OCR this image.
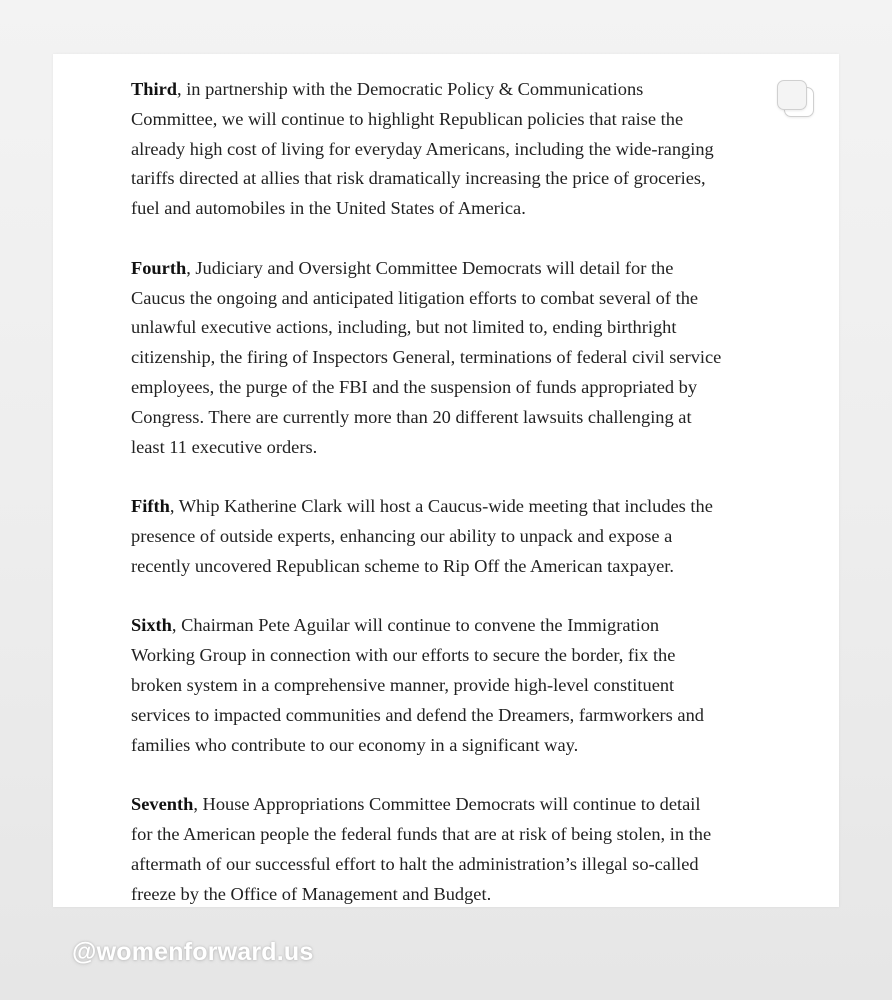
Third, in partnership with the Democratic Policy & Communications
Committee, we will continue to highlight Republican policies that raise the
already high cost of living for everyday Americans, including the wide-ranging
tariffs directed at allies that risk dramatically increasing the price of groceries,
fuel and automobiles in the United States of America.

Fourth, Judiciary and Oversight Committee Democrats will detail for the
Caucus the ongoing and anticipated litigation efforts to combat several of the
unlawful executive actions, including, but not limited to, ending birthright
citizenship, the firing of Inspectors General, terminations of federal civil service
employees, the purge of the FBI and the suspension of funds appropriated by
Congress. There are currently more than 20 different lawsuits challenging at
least 11 executive orders.

Fifth, Whip Katherine Clark will host a Caucus-wide meeting that includes the
presence of outside experts, enhancing our ability to unpack and expose a
recently uncovered Republican scheme to Rip Off the American taxpayer.

Sixth, Chairman Pete Aguilar will continue to convene the Immigration
Working Group in connection with our efforts to secure the border, fix the
broken system in a comprehensive manner, provide high-level constituent
services to impacted communities and defend the Dreamers, farmworkers and
families who contribute to our economy in a significant way.

Seventh, House Appropriations Committee Democrats will continue to detail
for the American people the federal funds that are at risk of being stolen, in the
aftermath of our successful effort to halt the administration’s illegal so-called
freeze by the Office of Management and Budget.

@womenforward.us
